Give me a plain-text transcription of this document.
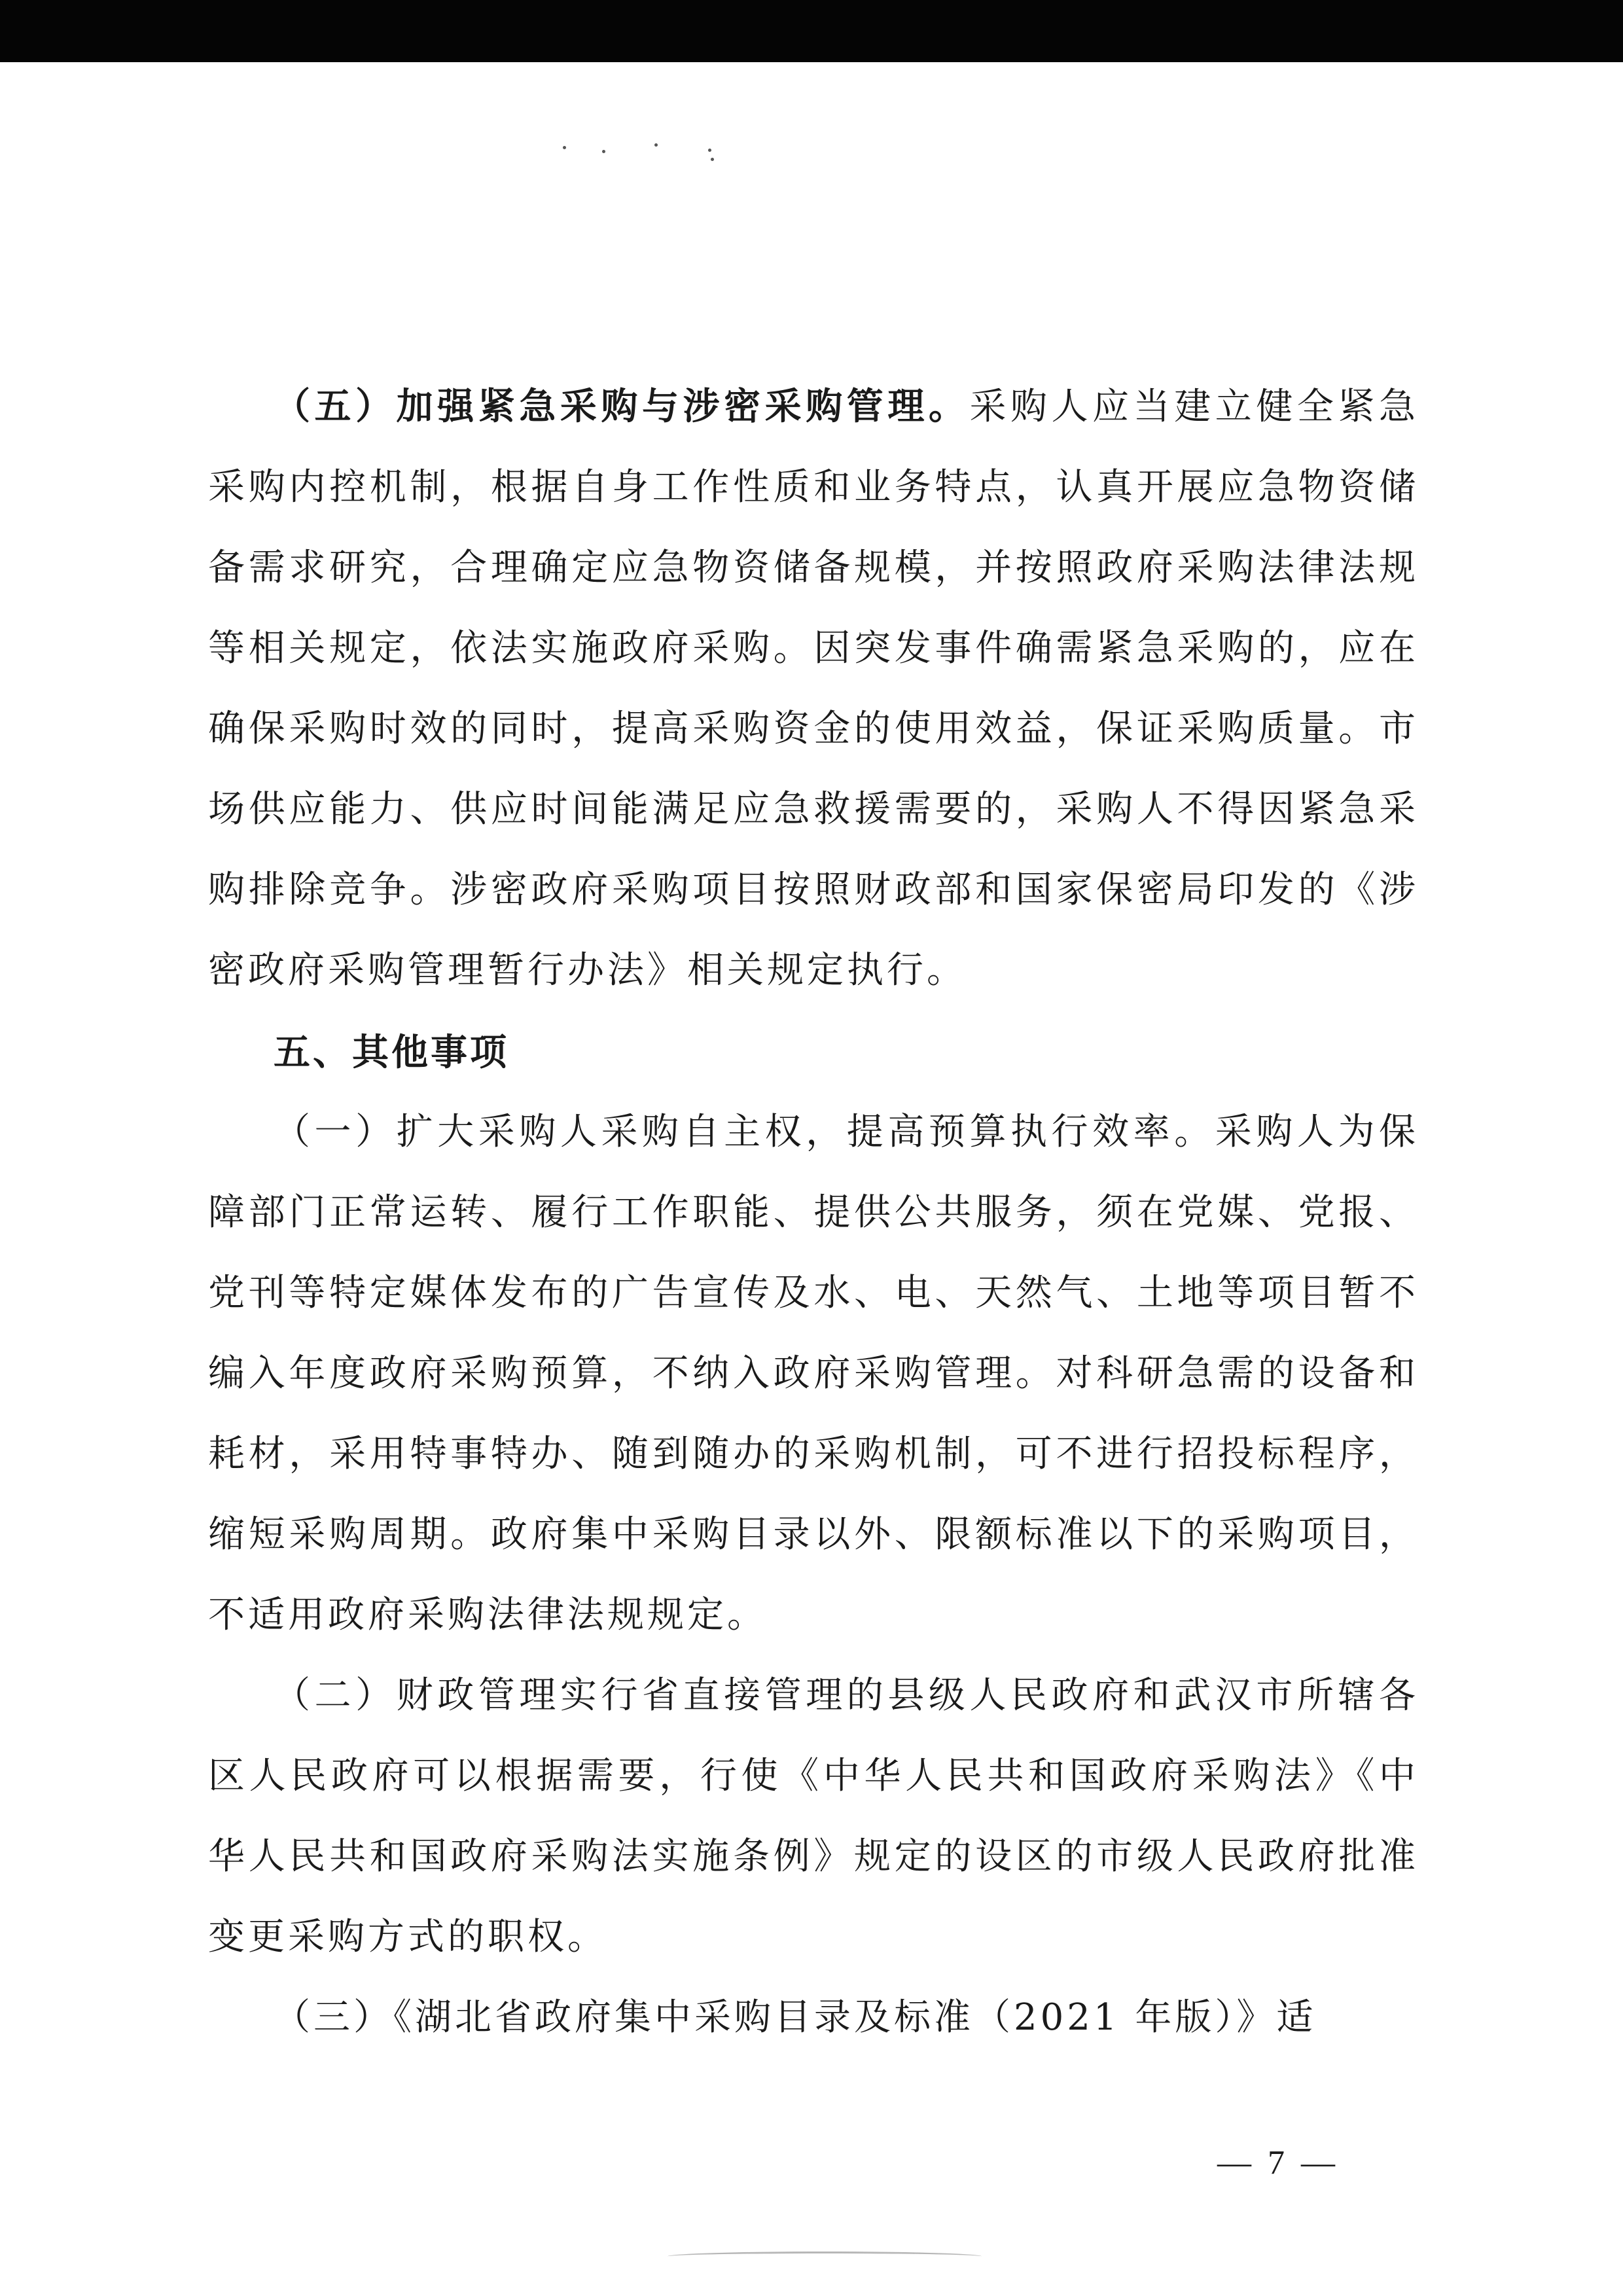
（五）加强紧急采购与涉密采购管理。采购人应当建立健全紧急采购内控机制，根据自身工作性质和业务特点，认真开展应急物资储备需求研究，合理确定应急物资储备规模，并按照政府采购法律法规等相关规定，依法实施政府采购。因突发事件确需紧急采购的，应在确保采购时效的同时，提高采购资金的使用效益，保证采购质量。市场供应能力、供应时间能满足应急救援需要的，采购人不得因紧急采购排除竞争。涉密政府采购项目按照财政部和国家保密局印发的《涉密政府采购管理暂行办法》相关规定执行。

五、其他事项

（一）扩大采购人采购自主权，提高预算执行效率。采购人为保障部门正常运转、履行工作职能、提供公共服务，须在党媒、党报、党刊等特定媒体发布的广告宣传及水、电、天然气、土地等项目暂不编入年度政府采购预算，不纳入政府采购管理。对科研急需的设备和耗材，采用特事特办、随到随办的采购机制，可不进行招投标程序，缩短采购周期。政府集中采购目录以外、限额标准以下的采购项目，不适用政府采购法律法规规定。

（二）财政管理实行省直接管理的县级人民政府和武汉市所辖各区人民政府可以根据需要，行使《中华人民共和国政府采购法》《中华人民共和国政府采购法实施条例》规定的设区的市级人民政府批准变更采购方式的职权。

（三）《湖北省政府集中采购目录及标准（2021 年版）》适

— 7 —
